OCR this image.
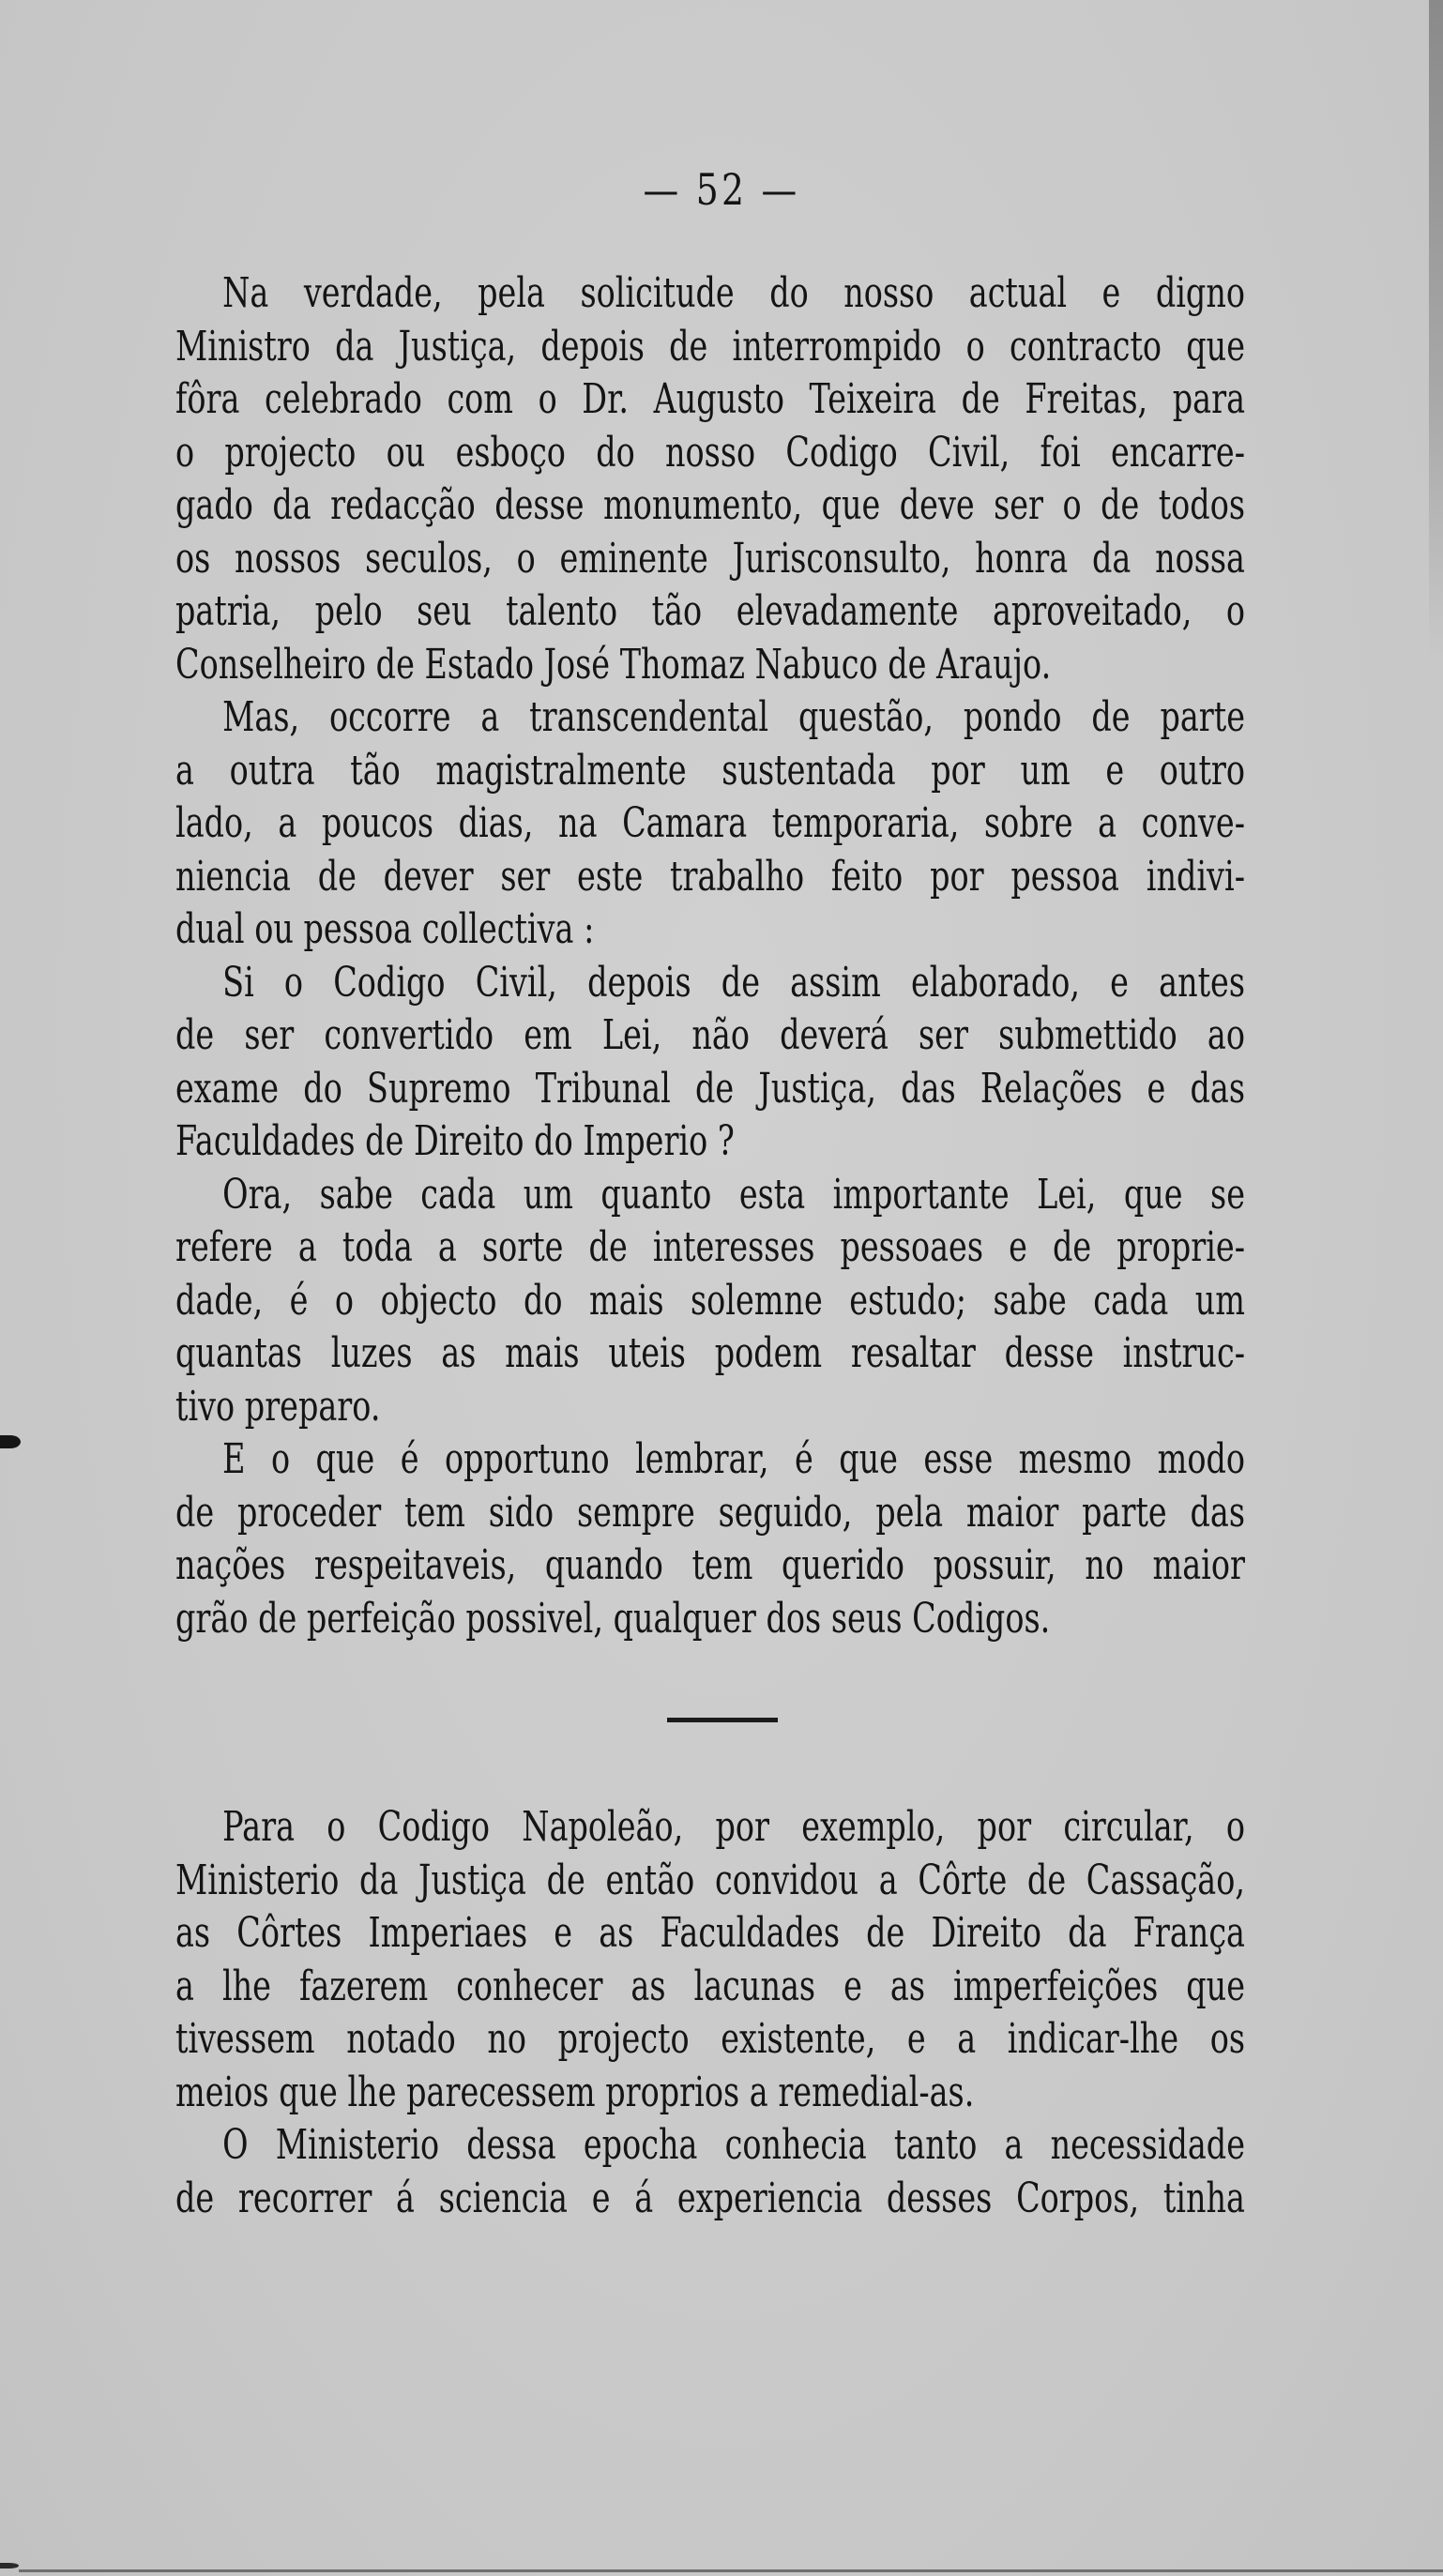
— 52 —
Na verdade, pela solicitude do nosso actual e digno
Ministro da Justiça, depois de interrompido o contracto que
fôra celebrado com o Dr. Augusto Teixeira de Freitas, para
o projecto ou esboço do nosso Codigo Civil, foi encarre-
gado da redacção desse monumento, que deve ser o de todos
os nossos seculos, o eminente Jurisconsulto, honra da nossa
patria, pelo seu talento tão elevadamente aproveitado, o
Conselheiro de Estado José Thomaz Nabuco de Araujo.
Mas, occorre a transcendental questão, pondo de parte
a outra tão magistralmente sustentada por um e outro
lado, a poucos dias, na Camara temporaria, sobre a conve-
niencia de dever ser este trabalho feito por pessoa indivi-
dual ou pessoa collectiva :
Si o Codigo Civil, depois de assim elaborado, e antes
de ser convertido em Lei, não deverá ser submettido ao
exame do Supremo Tribunal de Justiça, das Relações e das
Faculdades de Direito do Imperio ?
Ora, sabe cada um quanto esta importante Lei, que se
refere a toda a sorte de interesses pessoaes e de proprie-
dade, é o objecto do mais solemne estudo; sabe cada um
quantas luzes as mais uteis podem resaltar desse instruc-
tivo preparo.
E o que é opportuno lembrar, é que esse mesmo modo
de proceder tem sido sempre seguido, pela maior parte das
nações respeitaveis, quando tem querido possuir, no maior
grão de perfeição possivel, qualquer dos seus Codigos.
Para o Codigo Napoleão, por exemplo, por circular, o
Ministerio da Justiça de então convidou a Côrte de Cassação,
as Côrtes Imperiaes e as Faculdades de Direito da França
a lhe fazerem conhecer as lacunas e as imperfeições que
tivessem notado no projecto existente, e a indicar-lhe os
meios que lhe parecessem proprios a remedial-as.
O Ministerio dessa epocha conhecia tanto a necessidade
de recorrer á sciencia e á experiencia desses Corpos, tinha
